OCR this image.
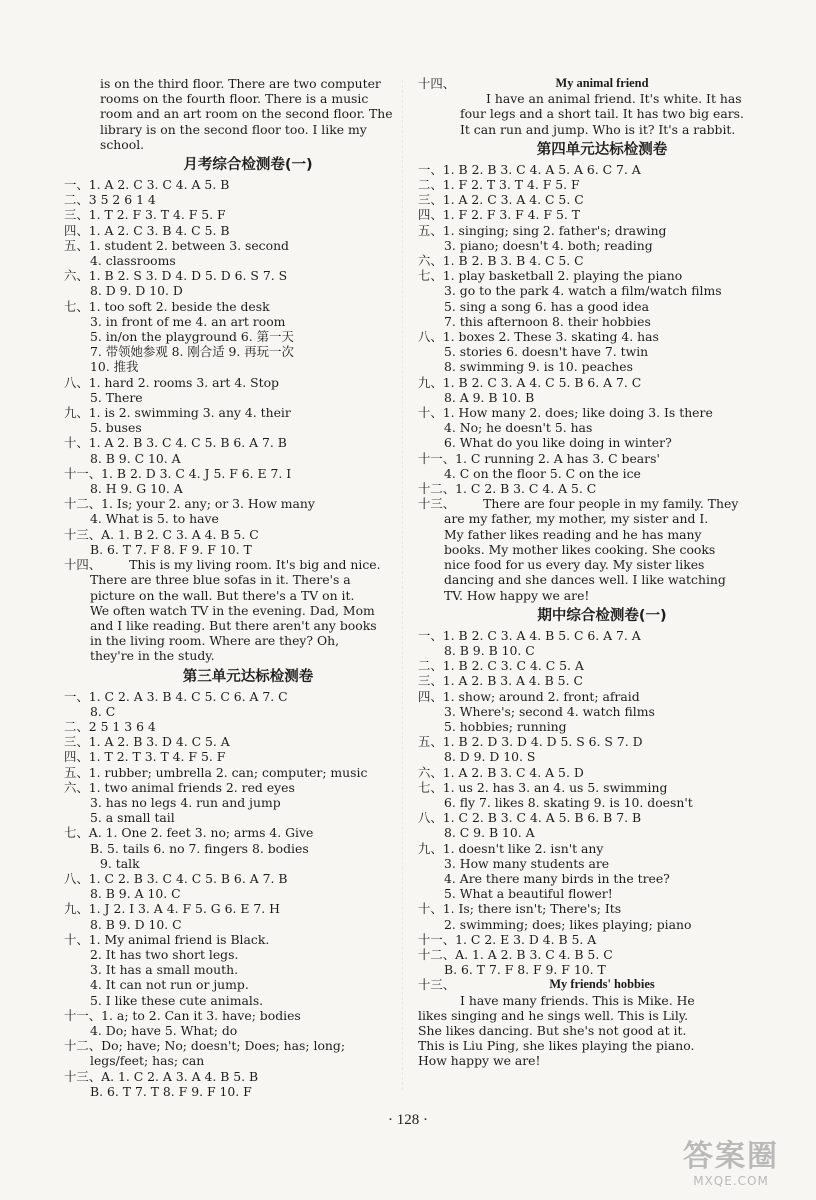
is on the third floor. There are two computer
rooms on the fourth floor. There is a music
room and an art room on the second floor. The
library is on the second floor too. I like my
school.
月考综合检测卷(一)
一、1. A 2. C 3. C 4. A 5. B
二、3 5 2 6 1 4
三、1. T 2. F 3. T 4. F 5. F
四、1. A 2. C 3. B 4. C 5. B
五、1. student 2. between 3. second
4. classrooms
六、1. B 2. S 3. D 4. D 5. D 6. S 7. S
8. D 9. D 10. D
七、1. too soft 2. beside the desk
3. in front of me 4. an art room
5. in/on the playground 6. 第一天
7. 带领她参观 8. 刚合适 9. 再玩一次
10. 推我
八、1. hard 2. rooms 3. art 4. Stop
5. There
九、1. is 2. swimming 3. any 4. their
5. buses
十、1. A 2. B 3. C 4. C 5. B 6. A 7. B
8. B 9. C 10. A
十一、1. B 2. D 3. C 4. J 5. F 6. E 7. I
8. H 9. G 10. A
十二、1. Is; your 2. any; or 3. How many
4. What is 5. to have
十三、A. 1. B 2. C 3. A 4. B 5. C
B. 6. T 7. F 8. F 9. F 10. T
十四、 This is my living room. It's big and nice.
There are three blue sofas in it. There's a
picture on the wall. But there's a TV on it.
We often watch TV in the evening. Dad, Mom
and I like reading. But there aren't any books
in the living room. Where are they? Oh,
they're in the study.
第三单元达标检测卷
一、1. C 2. A 3. B 4. C 5. C 6. A 7. C
8. C
二、2 5 1 3 6 4
三、1. A 2. B 3. D 4. C 5. A
四、1. T 2. T 3. T 4. F 5. F
五、1. rubber; umbrella 2. can; computer; music
六、1. two animal friends 2. red eyes
3. has no legs 4. run and jump
5. a small tail
七、A. 1. One 2. feet 3. no; arms 4. Give
B. 5. tails 6. no 7. fingers 8. bodies
9. talk
八、1. C 2. B 3. C 4. C 5. B 6. A 7. B
8. B 9. A 10. C
九、1. J 2. I 3. A 4. F 5. G 6. E 7. H
8. B 9. D 10. C
十、1. My animal friend is Black.
2. It has two short legs.
3. It has a small mouth.
4. It can not run or jump.
5. I like these cute animals.
十一、1. a; to 2. Can it 3. have; bodies
4. Do; have 5. What; do
十二、Do; have; No; doesn't; Does; has; long;
legs/feet; has; can
十三、A. 1. C 2. A 3. A 4. B 5. B
B. 6. T 7. T 8. F 9. F 10. F
十四、	My animal friend
I have an animal friend. It's white. It has
four legs and a short tail. It has two big ears.
It can run and jump. Who is it? It's a rabbit.
第四单元达标检测卷
一、1. B 2. B 3. C 4. A 5. A 6. C 7. A
二、1. F 2. T 3. T 4. F 5. F
三、1. A 2. C 3. A 4. C 5. C
四、1. F 2. F 3. F 4. F 5. T
五、1. singing; sing 2. father's; drawing
3. piano; doesn't 4. both; reading
六、1. B 2. B 3. B 4. C 5. C
七、1. play basketball 2. playing the piano
3. go to the park 4. watch a film/watch films
5. sing a song 6. has a good idea
7. this afternoon 8. their hobbies
八、1. boxes 2. These 3. skating 4. has
5. stories 6. doesn't have 7. twin
8. swimming 9. is 10. peaches
九、1. B 2. C 3. A 4. C 5. B 6. A 7. C
8. A 9. B 10. B
十、1. How many 2. does; like doing 3. Is there
4. No; he doesn't 5. has
6. What do you like doing in winter?
十一、1. C running 2. A has 3. C bears'
4. C on the floor 5. C on the ice
十二、1. C 2. B 3. C 4. A 5. C
十三、 There are four people in my family. They
are my father, my mother, my sister and I.
My father likes reading and he has many
books. My mother likes cooking. She cooks
nice food for us every day. My sister likes
dancing and she dances well. I like watching
TV. How happy we are!
期中综合检测卷(一)
一、1. B 2. C 3. A 4. B 5. C 6. A 7. A
8. B 9. B 10. C
二、1. B 2. C 3. C 4. C 5. A
三、1. A 2. B 3. A 4. B 5. C
四、1. show; around 2. front; afraid
3. Where's; second 4. watch films
5. hobbies; running
五、1. B 2. D 3. D 4. D 5. S 6. S 7. D
8. D 9. D 10. S
六、1. A 2. B 3. C 4. A 5. D
七、1. us 2. has 3. an 4. us 5. swimming
6. fly 7. likes 8. skating 9. is 10. doesn't
八、1. C 2. B 3. C 4. A 5. B 6. B 7. B
8. C 9. B 10. A
九、1. doesn't like 2. isn't any
3. How many students are
4. Are there many birds in the tree?
5. What a beautiful flower!
十、1. Is; there isn't; There's; Its
2. swimming; does; likes playing; piano
十一、1. C 2. E 3. D 4. B 5. A
十二、A. 1. A 2. B 3. C 4. B 5. C
B. 6. T 7. F 8. F 9. F 10. T
十三、	My friends' hobbies
I have many friends. This is Mike. He
likes singing and he sings well. This is Lily.
She likes dancing. But she's not good at it.
This is Liu Ping, she likes playing the piano.
How happy we are!
· 128 ·
答案圈
MXQE.COM
